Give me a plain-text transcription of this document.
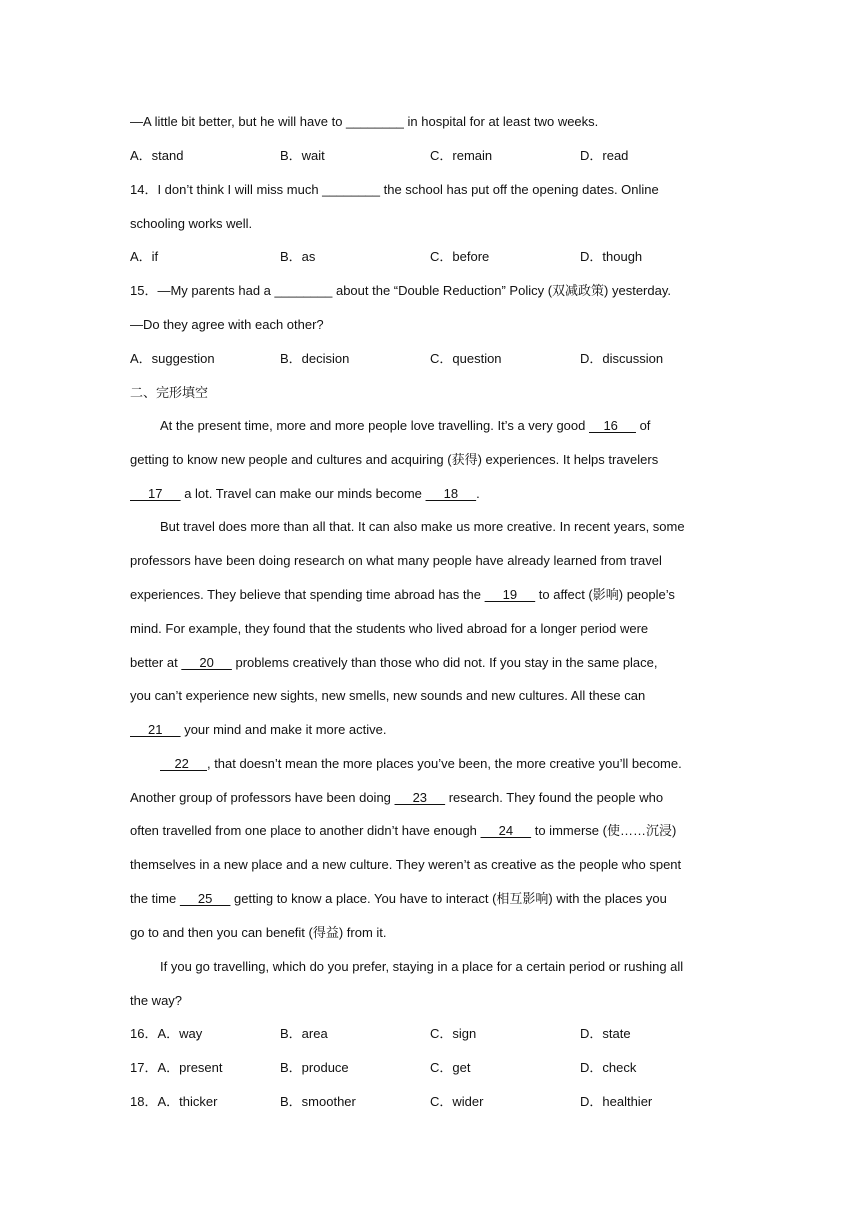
—A little bit better, but he will have to ________ in hospital for at least two weeks.
A．stand	B．wait	C．remain	D．read
14．I don’t think I will miss much ________ the school has put off the opening dates. Online
schooling works well.
A．if	B．as	C．before	D．though
15．—My parents had a ________ about the “Double Reduction” Policy (双减政策) yesterday.
—Do they agree with each other?
A．suggestion	B．decision	C．question	D．discussion
二、完形填空
At the present time, more and more people love travelling. It’s a very good     16      of
getting to know new people and cultures and acquiring (获得) experiences. It helps travelers
17      a lot. Travel can make our minds become      18     .
But travel does more than all that. It can also make us more creative. In recent years, some
professors have been doing research on what many people have already learned from travel
experiences. They believe that spending time abroad has the      19      to affect (影响) people’s
mind. For example, they found that the students who lived abroad for a longer period were
better at      20      problems creatively than those who did not. If you stay in the same place,
you can’t experience new sights, new smells, new sounds and new cultures. All these can
21      your mind and make it more active.
22     , that doesn’t mean the more places you’ve been, the more creative you’ll become.
Another group of professors have been doing      23      research. They found the people who
often travelled from one place to another didn’t have enough      24      to immerse (使……沉浸)
themselves in a new place and a new culture. They weren’t as creative as the people who spent
the time      25      getting to know a place. You have to interact (相互影响) with the places you
go to and then you can benefit (得益) from it.
If you go travelling, which do you prefer, staying in a place for a certain period or rushing all
the way?
16．A．way	B．area	C．sign	D．state
17．A．present	B．produce	C．get	D．check
18．A．thicker	B．smoother	C．wider	D．healthier
